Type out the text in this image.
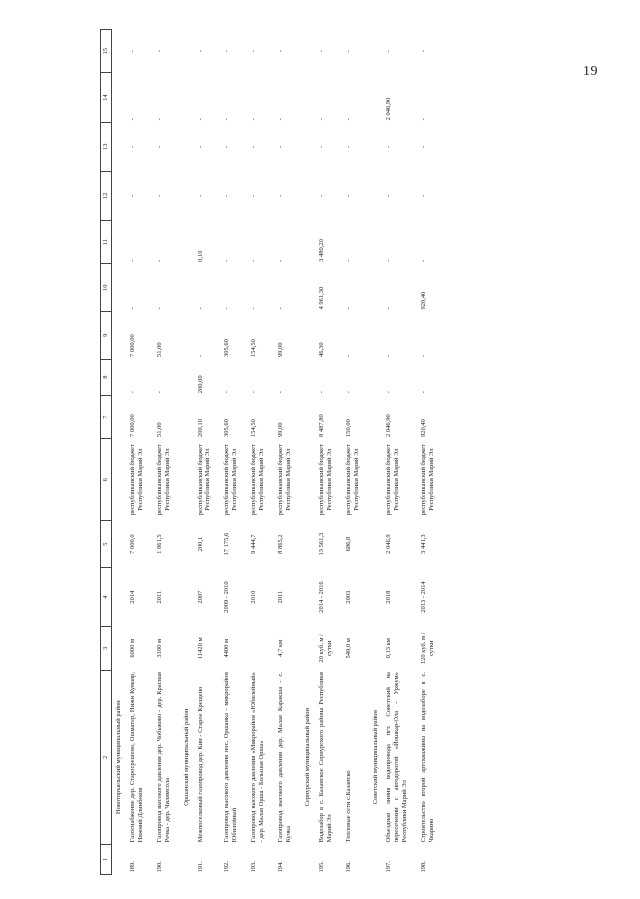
19
1	2	3	4	5	6	7	8	9	10	11	12	13	14	15
	Новоторъяльский муниципальный район													
189.	Газоснабжение дер. Старосрешено, Ошматер, Нижн Кумаяр, Нижний Длинбеков	6000 м	2014	7 000,0	республиканский бюджет Республики Марий Эл	7 000,00	-	7 000,00	-	-	-	-	-	-
190.	Газопровод высокого давления дер. Чобыково - дер. Красная Речка - дер. Чилимсола	3100 м	2011	1 861,5	республиканский бюджет Республики Марий Эл	51,00	-	51,00	-	-	-	-	-	-
	Оршанский муниципальный район													
191.	Межпоселковый газопровод дер. Кин - Старое Крещено	11420 м	2007	200,1	республиканский бюджет Республики Марий Эл	200,10	200,00	-	-	0,10	-	-	-	-
192.	Газопровод высокого давления пос. Оршанка - микрорайон Юбилейный	4400 м	2009 - 2010	17 175,6	республиканский бюджет Республики Марий Эл	305,60	-	305,60	-	-	-	-	-	-
193.	Газопровод высокого давления «Микрорайон «Юбилейный» - дер. Малая Орша - Большая Орша»		2010	9 444,7	республиканский бюджет Республики Марий Эл	154,50	-	154,50	-	-	-	-	-	-
194.	Газопровод высокого давления дер. Малая Каракша - с. Кучка	4,7 км	2011	8 865,2	республиканский бюджет Республики Марий Эл	99,00	-	99,00	-	-	-	-	-	-
	Сернурский муниципальный район													
195.	Водозабор в с. Казанское Сернурского района Республики Марий Эл	20 куб. м / сутки	2014 - 2016	13 561,3	республиканский бюджет Республики Марий Эл	8 487,80	-	46,30	4 961,30	3 480,20	-	-	-	-
196.	Тепловые сети с.Казанско	549,0 м	2003	686,8	республиканский бюджет Республики Марий Эл	150,00	-	-	-	-	-	-	-	-
	Советский муниципальный район													
197.	Объездная линия водопровода пгт. Советский на пересечении с автодорогой «Йошкар-Ола - Уржум» Республики Марий Эл	0,13 км	2018	2 046,9	республиканский бюджет Республики Марий Эл	2 046,90	-	-	-	-	-	-	2 046,90	-
198.	Строительство второй артскважины на водозаборе в с. Чкарино	120 куб. м / сутки	2013 - 2014	3 441,3	республиканский бюджет Республики Марий Эл	920,40	-	-	920,40	-	-	-	-	-
